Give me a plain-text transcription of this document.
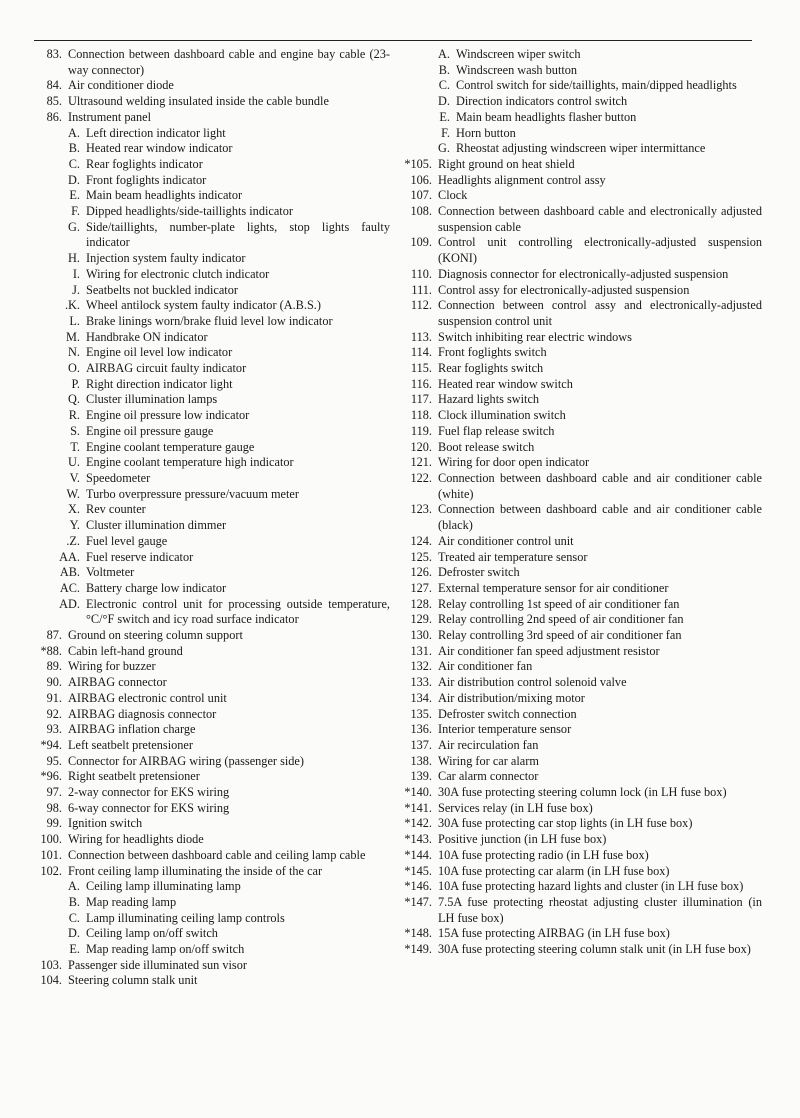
83. Connection between dashboard cable and engine bay cable (23-way connector)
84. Air conditioner diode
85. Ultrasound welding insulated inside the cable bundle
86. Instrument panel
A. Left direction indicator light
B. Heated rear window indicator
C. Rear foglights indicator
D. Front foglights indicator
E. Main beam headlights indicator
F. Dipped headlights/side-taillights indicator
G. Side/taillights, number-plate lights, stop lights faulty indicator
H. Injection system faulty indicator
I. Wiring for electronic clutch indicator
J. Seatbelts not buckled indicator
.K. Wheel antilock system faulty indicator (A.B.S.)
L. Brake linings worn/brake fluid level low indicator
M. Handbrake ON indicator
N. Engine oil level low indicator
O. AIRBAG circuit faulty indicator
P. Right direction indicator light
Q. Cluster illumination lamps
R. Engine oil pressure low indicator
S. Engine oil pressure gauge
T. Engine coolant temperature gauge
U. Engine coolant temperature high indicator
V. Speedometer
W. Turbo overpressure pressure/vacuum meter
X. Rev counter
Y. Cluster illumination dimmer
.Z. Fuel level gauge
AA. Fuel reserve indicator
AB. Voltmeter
AC. Battery charge low indicator
AD. Electronic control unit for processing outside temperature, °C/°F switch and icy road surface indicator
87. Ground on steering column support
*88. Cabin left-hand ground
89. Wiring for buzzer
90. AIRBAG connector
91. AIRBAG electronic control unit
92. AIRBAG diagnosis connector
93. AIRBAG inflation charge
*94. Left seatbelt pretensioner
95. Connector for AIRBAG wiring (passenger side)
*96. Right seatbelt pretensioner
97. 2-way connector for EKS wiring
98. 6-way connector for EKS wiring
99. Ignition switch
100. Wiring for headlights diode
101. Connection between dashboard cable and ceiling lamp cable
102. Front ceiling lamp illuminating the inside of the car
A. Ceiling lamp illuminating lamp
B. Map reading lamp
C. Lamp illuminating ceiling lamp controls
D. Ceiling lamp on/off switch
E. Map reading lamp on/off switch
103. Passenger side illuminated sun visor
104. Steering column stalk unit
A. Windscreen wiper switch
B. Windscreen wash button
C. Control switch for side/taillights, main/dipped headlights
D. Direction indicators control switch
E. Main beam headlights flasher button
F. Horn button
G. Rheostat adjusting windscreen wiper intermittance
*105. Right ground on heat shield
106. Headlights alignment control assy
107. Clock
108. Connection between dashboard cable and electronically adjusted suspension cable
109. Control unit controlling electronically-adjusted suspension (KONI)
110. Diagnosis connector for electronically-adjusted suspension
111. Control assy for electronically-adjusted suspension
112. Connection between control assy and electronically-adjusted suspension control unit
113. Switch inhibiting rear electric windows
114. Front foglights switch
115. Rear foglights switch
116. Heated rear window switch
117. Hazard lights switch
118. Clock illumination switch
119. Fuel flap release switch
120. Boot release switch
121. Wiring for door open indicator
122. Connection between dashboard cable and air conditioner cable (white)
123. Connection between dashboard cable and air conditioner cable (black)
124. Air conditioner control unit
125. Treated air temperature sensor
126. Defroster switch
127. External temperature sensor for air conditioner
128. Relay controlling 1st speed of air conditioner fan
129. Relay controlling 2nd speed of air conditioner fan
130. Relay controlling 3rd speed of air conditioner fan
131. Air conditioner fan speed adjustment resistor
132. Air conditioner fan
133. Air distribution control solenoid valve
134. Air distribution/mixing motor
135. Defroster switch connection
136. Interior temperature sensor
137. Air recirculation fan
138. Wiring for car alarm
139. Car alarm connector
*140. 30A fuse protecting steering column lock (in LH fuse box)
*141. Services relay (in LH fuse box)
*142. 30A fuse protecting car stop lights (in LH fuse box)
*143. Positive junction (in LH fuse box)
*144. 10A fuse protecting radio (in LH fuse box)
*145. 10A fuse protecting car alarm (in LH fuse box)
*146. 10A fuse protecting hazard lights and cluster (in LH fuse box)
*147. 7.5A fuse protecting rheostat adjusting cluster illumination (in LH fuse box)
*148. 15A fuse protecting AIRBAG (in LH fuse box)
*149. 30A fuse protecting steering column stalk unit (in LH fuse box)
